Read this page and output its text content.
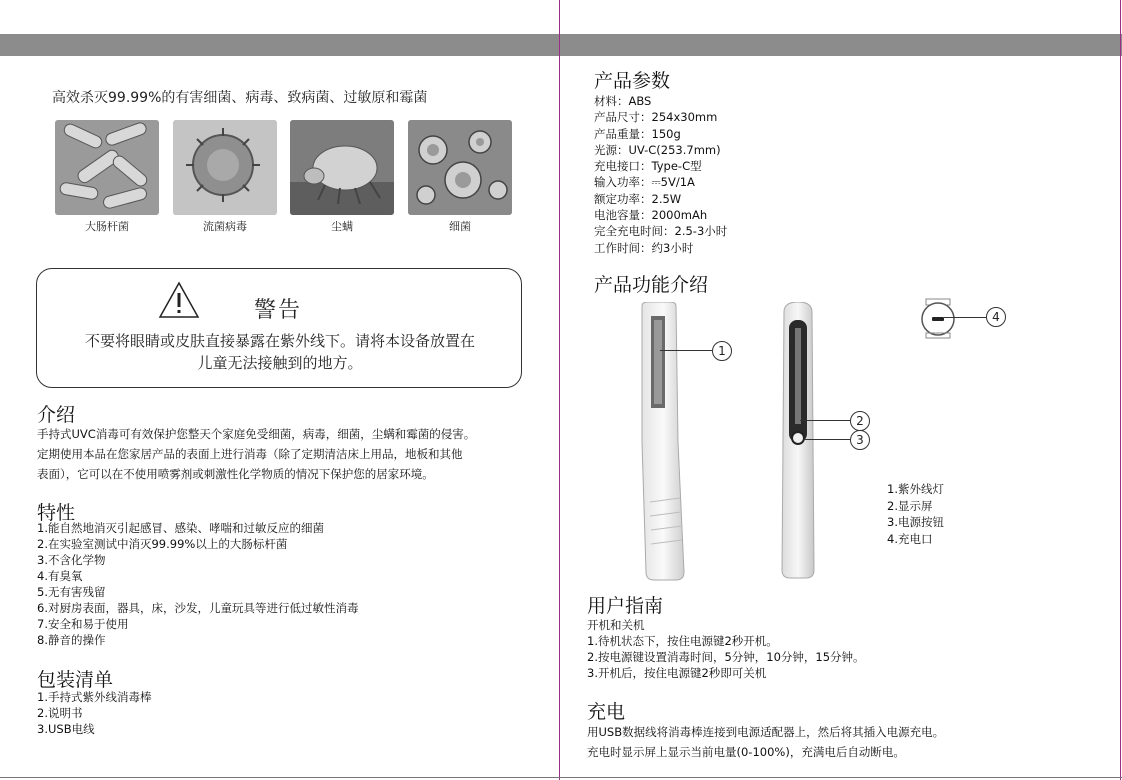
高效杀灭99.99%的有害细菌、病毒、致病菌、过敏原和霉菌
大肠杆菌	流菌病毒	尘螨	细菌
警告
不要将眼睛或皮肤直接暴露在紫外线下。请将本设备放置在
儿童无法接触到的地方。
介绍
手持式UVC消毒可有效保护您整天个家庭免受细菌，病毒，细菌，尘螨和霉菌的侵害。
定期使用本品在您家居产品的表面上进行消毒（除了定期清洁床上用品，地板和其他
表面），它可以在不使用喷雾剂或刺激性化学物质的情况下保护您的居家环境。
特性
1.能自然地消灭引起感冒、感染、哮喘和过敏反应的细菌
2.在实验室测试中消灭99.99%以上的大肠标杆菌
3.不含化学物
4.有臭氧
5.无有害残留
6.对厨房表面，器具，床，沙发，儿童玩具等进行低过敏性消毒
7.安全和易于使用
8.静音的操作
包装清单
1.手持式紫外线消毒棒
2.说明书
3.USB电线
产品参数
材料：ABS
产品尺寸：254x30mm
产品重量：150g
光源：UV-C(253.7mm)
充电接口：Type-C型
输入功率：⎓5V/1A
额定功率：2.5W
电池容量：2000mAh
完全充电时间：2.5-3小时
工作时间：约3小时
产品功能介绍
1
2
3
4
1.紫外线灯
2.显示屏
3.电源按钮
4.充电口
用户指南
开机和关机
1.待机状态下，按住电源键2秒开机。
2.按电源键设置消毒时间，5分钟，10分钟，15分钟。
3.开机后，按住电源键2秒即可关机
充电
用USB数据线将消毒棒连接到电源适配器上，然后将其插入电源充电。
充电时显示屏上显示当前电量(0-100%)，充满电后自动断电。
